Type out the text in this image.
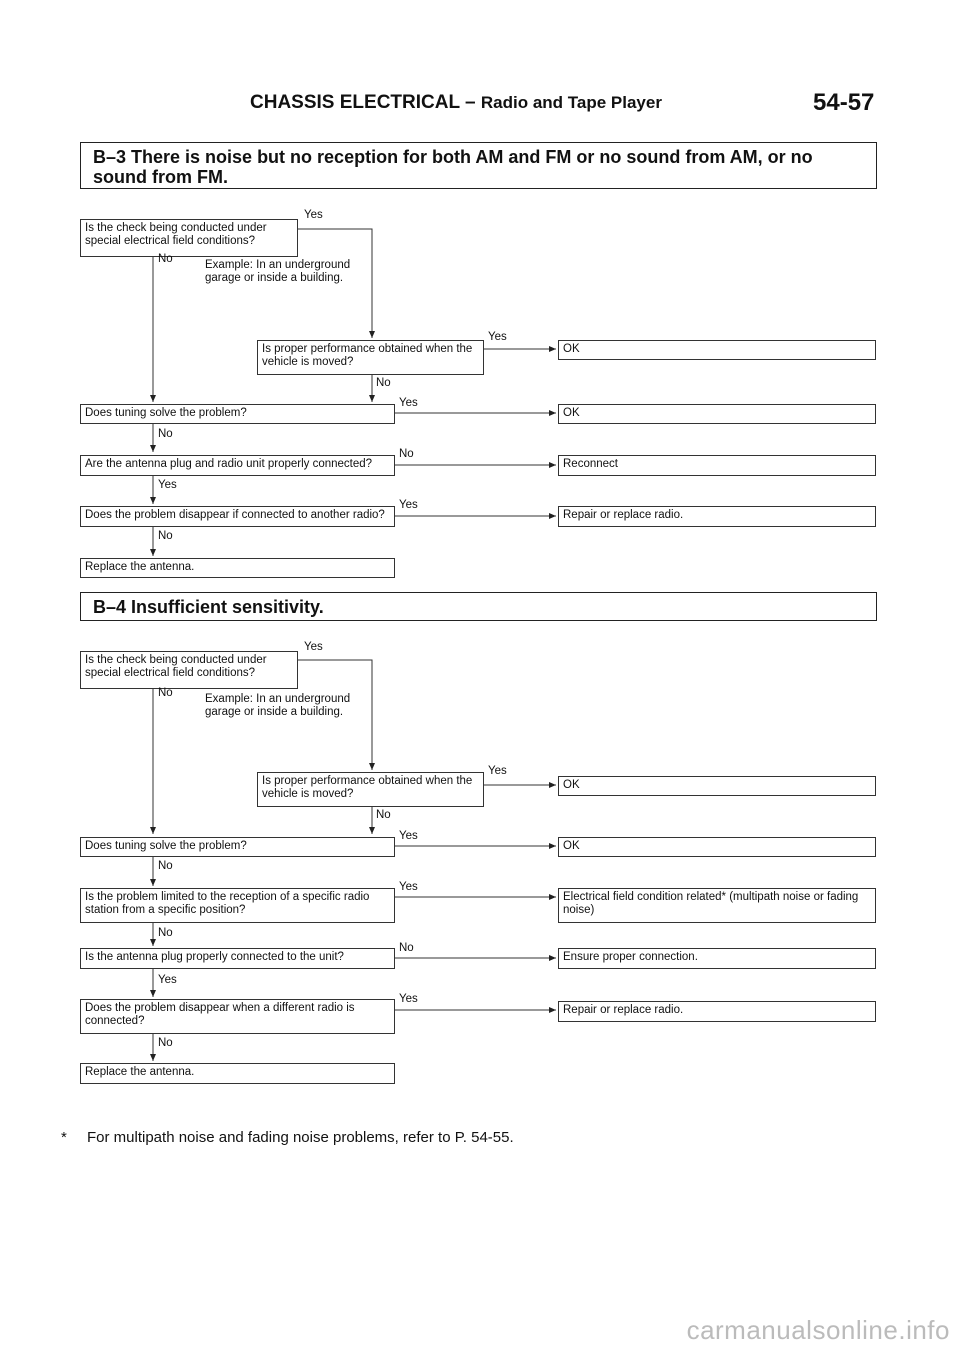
CHASSIS ELECTRICAL – Radio and Tape Player	54-57
B–3 There is noise but no reception for both AM and FM or no sound from AM, or no sound from FM.
Is the check being conducted under special electrical field conditions?
Yes
No	Example: In an underground garage or inside a building.
Is proper performance obtained when the vehicle is moved?
Yes
OK
No
Does tuning solve the problem?
Yes
OK
No
Are the antenna plug and radio unit properly connected?
No
Reconnect
Yes
Does the problem disappear if connected to another radio?
Yes
Repair or replace radio.
No
Replace the antenna.
B–4 Insufficient sensitivity.
Is the check being conducted under special electrical field conditions?
Yes
No	Example: In an underground garage or inside a building.
Is proper performance obtained when the vehicle is moved?
Yes
OK
No
Does tuning solve the problem?
Yes
OK
No
Is the problem limited to the reception of a specific radio station from a specific position?
Yes
Electrical field condition related* (multipath noise or fading noise)
No
Is the antenna plug properly connected to the unit?
No
Ensure proper connection.
Yes
Does the problem disappear when a different radio is connected?
Yes
Repair or replace radio.
No
Replace the antenna.
* For multipath noise and fading noise problems, refer to P. 54-55.
carmanualsonline.info
